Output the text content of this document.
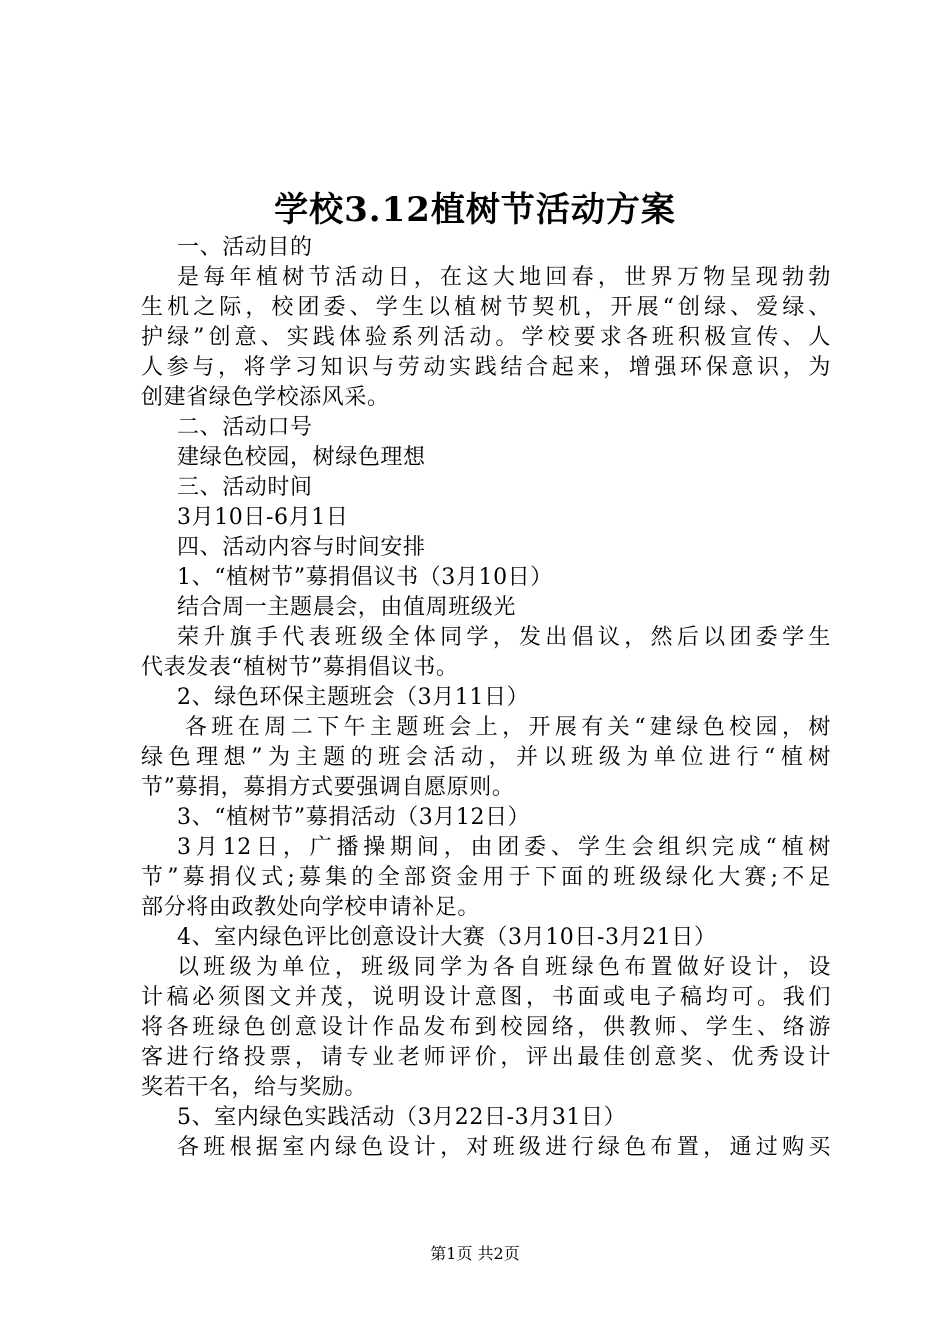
学校3.12植树节活动方案
一、活动目的
是每年植树节活动日，在这大地回春，世界万物呈现勃勃
生机之际，校团委、学生以植树节契机，开展“创绿、爱绿、
护绿”创意、实践体验系列活动。学校要求各班积极宣传、人
人参与，将学习知识与劳动实践结合起来，增强环保意识，为
创建省绿色学校添风采。
二、活动口号
建绿色校园，树绿色理想
三、活动时间
3月10日-6月1日
四、活动内容与时间安排
1、“植树节”募捐倡议书（3月10日）
结合周一主题晨会，由值周班级光
荣升旗手代表班级全体同学，发出倡议，然后以团委学生
代表发表“植树节”募捐倡议书。
2、绿色环保主题班会（3月11日）
各班在周二下午主题班会上，开展有关“建绿色校园，树
绿色理想”为主题的班会活动，并以班级为单位进行“植树
节”募捐，募捐方式要强调自愿原则。
3、“植树节”募捐活动（3月12日）
3月12日，广播操期间，由团委、学生会组织完成“植树
节”募捐仪式;募集的全部资金用于下面的班级绿化大赛;不足
部分将由政教处向学校申请补足。
4、室内绿色评比创意设计大赛（3月10日-3月21日）
以班级为单位，班级同学为各自班绿色布置做好设计，设
计稿必须图文并茂，说明设计意图，书面或电子稿均可。我们
将各班绿色创意设计作品发布到校园络，供教师、学生、络游
客进行络投票，请专业老师评价，评出最佳创意奖、优秀设计
奖若干名，给与奖励。
5、室内绿色实践活动（3月22日-3月31日）
各班根据室内绿色设计，对班级进行绿色布置，通过购买
第1页 共2页
